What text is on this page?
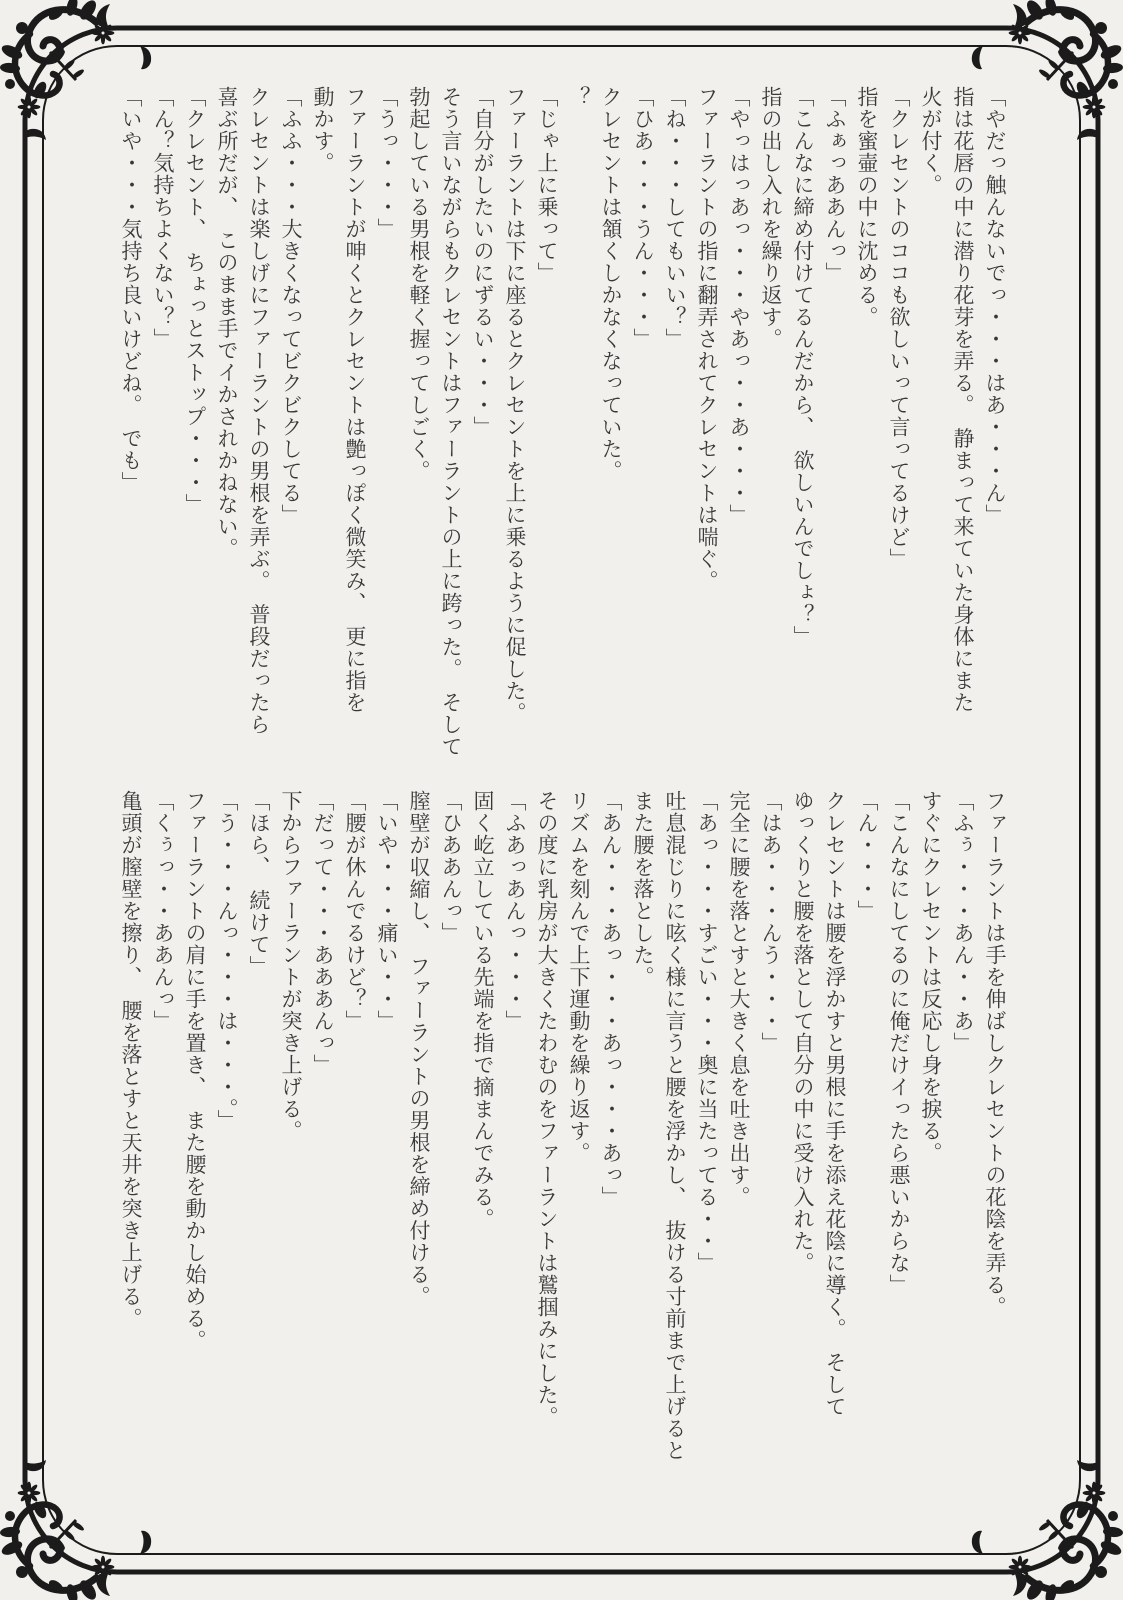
「やだっ触んないでっ・・・はあ・・・ん」
指は花唇の中に潜り花芽を弄る。　静まって来ていた身体にまた
火が付く。
「クレセントのココも欲しいって言ってるけど」
指を蜜壷の中に沈める。
「ふぁっああんっ」
「こんなに締め付けてるんだから、　欲しいんでしょ？」
指の出し入れを繰り返す。
「やっはっあっ・・・やあっ・・あ・・・」
ファーラントの指に翻弄されてクレセントは喘ぐ。
「ね・・・してもいい？」
「ひあ・・・うん・・・」
クレセントは頷くしかなくなっていた。
？
「じゃ上に乗って」
ファーラントは下に座るとクレセントを上に乗るように促した。
「自分がしたいのにずるい・・・」
そう言いながらもクレセントはファーラントの上に跨った。　そして
勃起している男根を軽く握ってしごく。
「うっ・・・」
ファーラントが呻くとクレセントは艶っぽく微笑み、　更に指を
動かす。
「ふふ・・・大きくなってビクビクしてる」
クレセントは楽しげにファーラントの男根を弄ぶ。　普段だったら
喜ぶ所だが、　このまま手でイかされかねない。
「クレセント、　ちょっとストップ・・・」
「ん？気持ちよくない？」
「いや・・・気持ち良いけどね。　でも」
ファーラントは手を伸ばしクレセントの花陰を弄る。
「ふぅ・・・あん・・あ」
すぐにクレセントは反応し身を捩る。
「こんなにしてるのに俺だけイったら悪いからな」
「ん・・・」
クレセントは腰を浮かすと男根に手を添え花陰に導く。　そして
ゆっくりと腰を落として自分の中に受け入れた。
「はあ・・・んう・・・」
完全に腰を落とすと大きく息を吐き出す。
「あっ・・・すごい・・・奥に当たってる・・」
吐息混じりに呟く様に言うと腰を浮かし、　抜ける寸前まで上げると
また腰を落とした。
「あん・・・あっ・・・あっ・・・あっ」
リズムを刻んで上下運動を繰り返す。
その度に乳房が大きくたわむのをファーラントは鷲掴みにした。
「ふあっあんっ・・・」
固く屹立している先端を指で摘まんでみる。
「ひああんっ」
膣壁が収縮し、　ファーラントの男根を締め付ける。
「いや・・・痛い・・」
「腰が休んでるけど？」
「だって・・・あああんっ」
下からファーラントが突き上げる。
「ほら、　続けて」
「う・・・んっ・・・は・・・。」
ファーラントの肩に手を置き、　また腰を動かし始める。
「くぅっ・・ああんっ」
亀頭が膣壁を擦り、　腰を落とすと天井を突き上げる。
